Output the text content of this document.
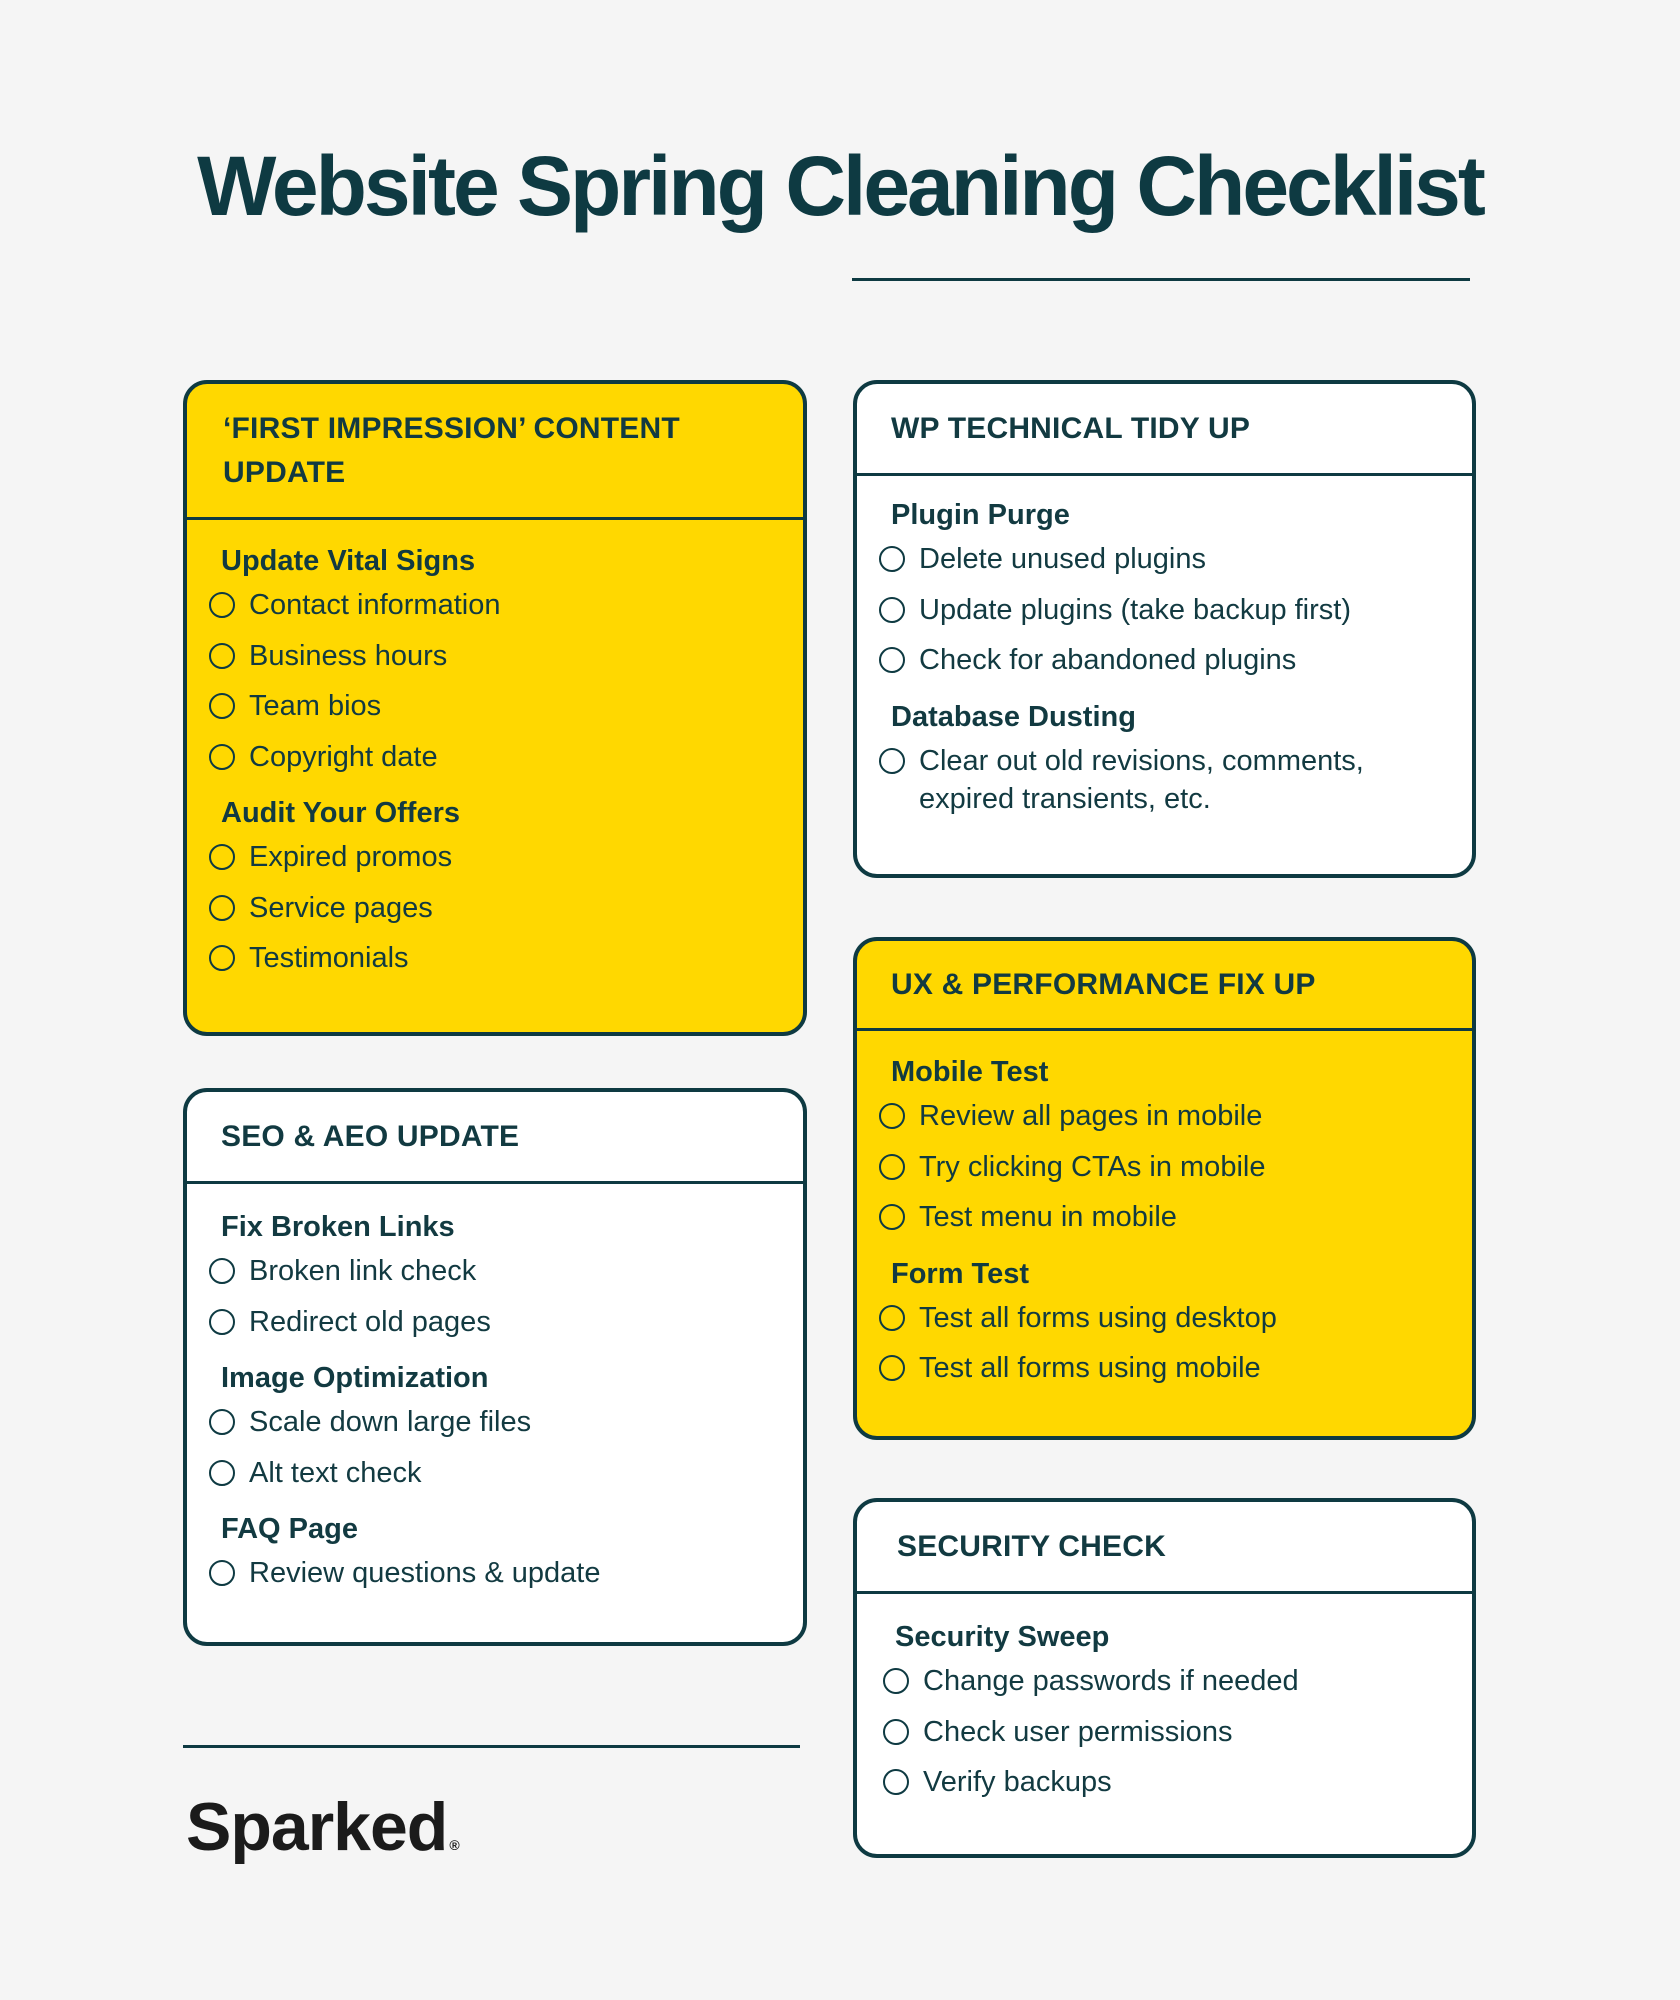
Website Spring Cleaning Checklist
‘FIRST IMPRESSION’ CONTENT UPDATE
Update Vital Signs
Contact information
Business hours
Team bios
Copyright date
Audit Your Offers
Expired promos
Service pages
Testimonials
SEO & AEO UPDATE
Fix Broken Links
Broken link check
Redirect old pages
Image Optimization
Scale down large files
Alt text check
FAQ Page
Review questions & update
WP TECHNICAL TIDY UP
Plugin Purge
Delete unused plugins
Update plugins (take backup first)
Check for abandoned plugins
Database Dusting
Clear out old revisions, comments, expired transients, etc.
UX & PERFORMANCE FIX UP
Mobile Test
Review all pages in mobile
Try clicking CTAs in mobile
Test menu in mobile
Form Test
Test all forms using desktop
Test all forms using mobile
SECURITY CHECK
Security Sweep
Change passwords if needed
Check user permissions
Verify backups
Sparked ®
